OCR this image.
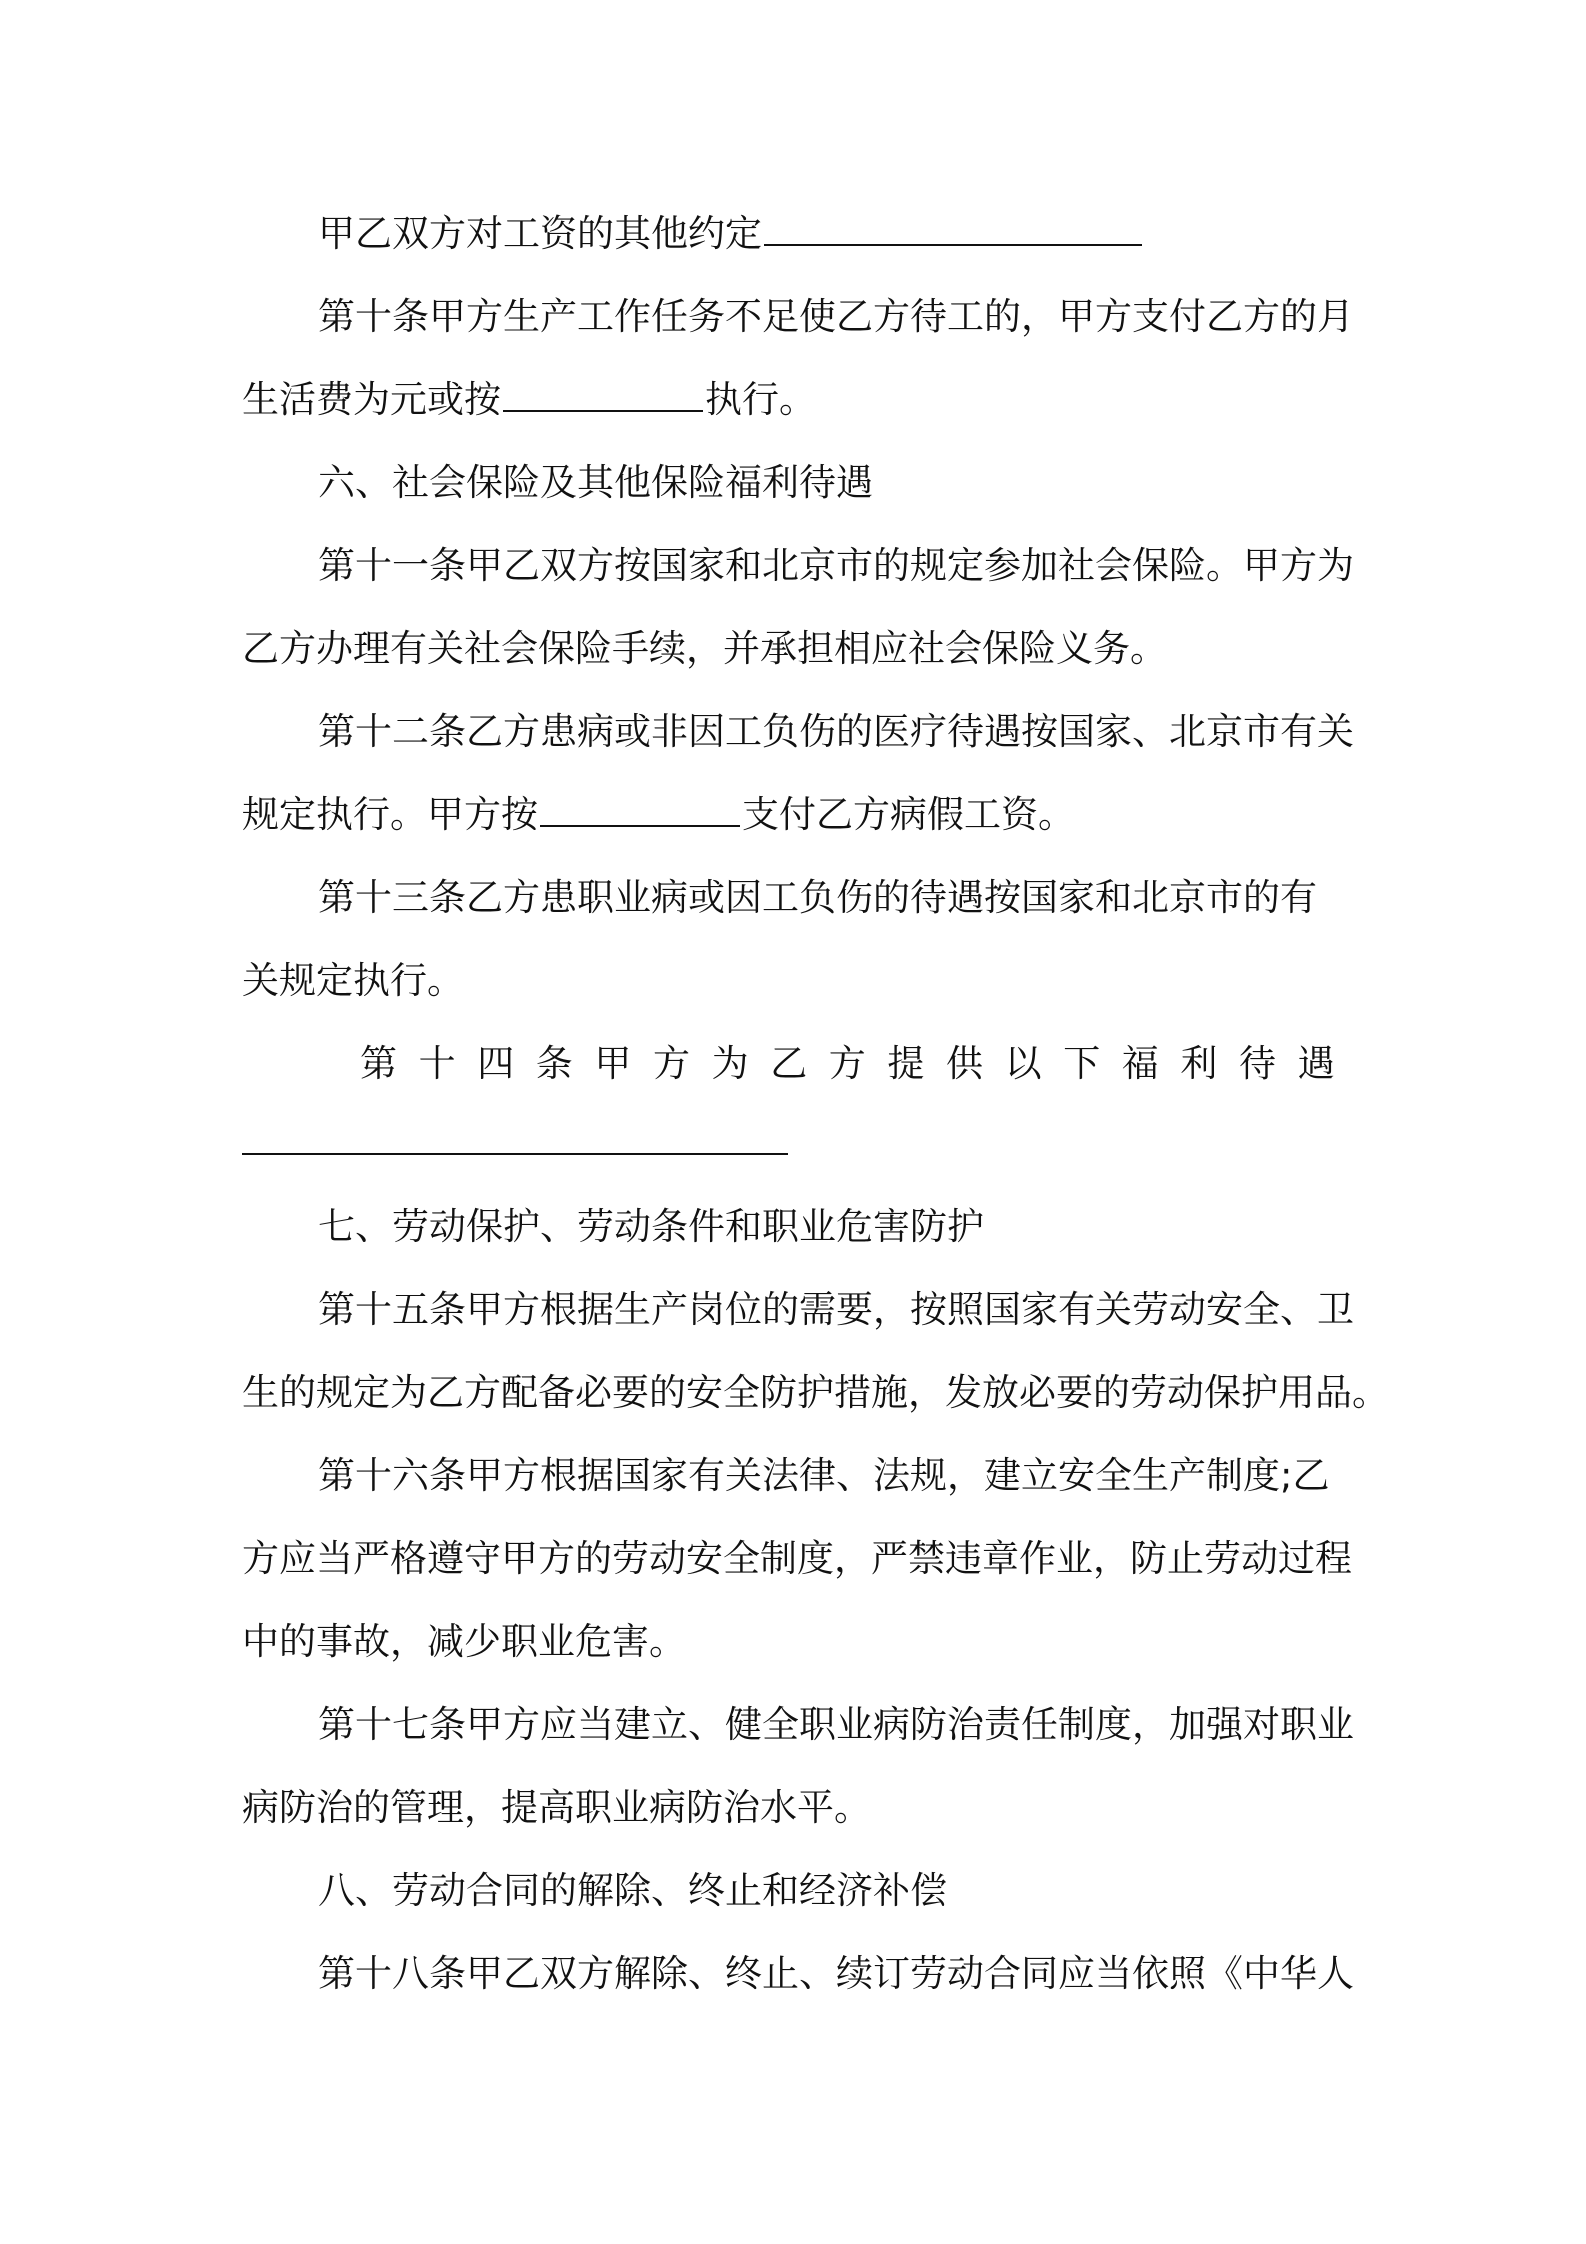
甲乙双方对工资的其他约定
第十条甲方生产工作任务不足使乙方待工的，甲方支付乙方的月
生活费为元或按	执行。
六、社会保险及其他保险福利待遇
第十一条甲乙双方按国家和北京市的规定参加社会保险。甲方为
乙方办理有关社会保险手续，并承担相应社会保险义务。
第十二条乙方患病或非因工负伤的医疗待遇按国家、北京市有关
规定执行。甲方按	支付乙方病假工资。
第十三条乙方患职业病或因工负伤的待遇按国家和北京市的有
关规定执行。
第十四条甲方为乙方提供以下福利待遇
七、劳动保护、劳动条件和职业危害防护
第十五条甲方根据生产岗位的需要，按照国家有关劳动安全、卫
生的规定为乙方配备必要的安全防护措施，发放必要的劳动保护用品。
第十六条甲方根据国家有关法律、法规，建立安全生产制度;乙
方应当严格遵守甲方的劳动安全制度，严禁违章作业，防止劳动过程
中的事故，减少职业危害。
第十七条甲方应当建立、健全职业病防治责任制度，加强对职业
病防治的管理，提高职业病防治水平。
八、劳动合同的解除、终止和经济补偿
第十八条甲乙双方解除、终止、续订劳动合同应当依照《中华人
